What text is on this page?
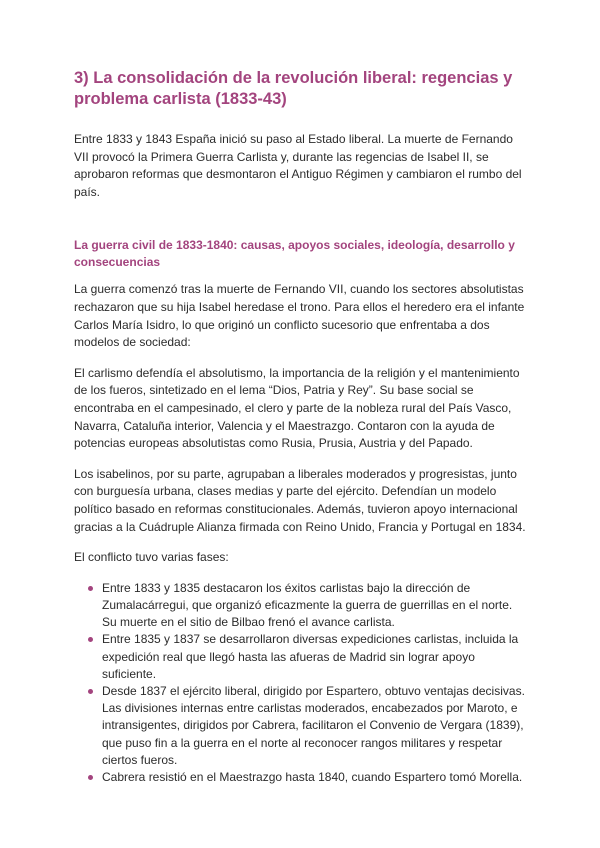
3) La consolidación de la revolución liberal: regencias y problema carlista (1833-43)

Entre 1833 y 1843 España inició su paso al Estado liberal. La muerte de Fernando VII provocó la Primera Guerra Carlista y, durante las regencias de Isabel II, se aprobaron reformas que desmontaron el Antiguo Régimen y cambiaron el rumbo del país.

La guerra civil de 1833-1840: causas, apoyos sociales, ideología, desarrollo y consecuencias

La guerra comenzó tras la muerte de Fernando VII, cuando los sectores absolutistas rechazaron que su hija Isabel heredase el trono. Para ellos el heredero era el infante Carlos María Isidro, lo que originó un conflicto sucesorio que enfrentaba a dos modelos de sociedad:

El carlismo defendía el absolutismo, la importancia de la religión y el mantenimiento de los fueros, sintetizado en el lema “Dios, Patria y Rey”. Su base social se encontraba en el campesinado, el clero y parte de la nobleza rural del País Vasco, Navarra, Cataluña interior, Valencia y el Maestrazgo. Contaron con la ayuda de potencias europeas absolutistas como Rusia, Prusia, Austria y del Papado.

Los isabelinos, por su parte, agrupaban a liberales moderados y progresistas, junto con burguesía urbana, clases medias y parte del ejército. Defendían un modelo político basado en reformas constitucionales. Además, tuvieron apoyo internacional gracias a la Cuádruple Alianza firmada con Reino Unido, Francia y Portugal en 1834.

El conflicto tuvo varias fases:

Entre 1833 y 1835 destacaron los éxitos carlistas bajo la dirección de Zumalacárregui, que organizó eficazmente la guerra de guerrillas en el norte. Su muerte en el sitio de Bilbao frenó el avance carlista.
Entre 1835 y 1837 se desarrollaron diversas expediciones carlistas, incluida la expedición real que llegó hasta las afueras de Madrid sin lograr apoyo suficiente.
Desde 1837 el ejército liberal, dirigido por Espartero, obtuvo ventajas decisivas. Las divisiones internas entre carlistas moderados, encabezados por Maroto, e intransigentes, dirigidos por Cabrera, facilitaron el Convenio de Vergara (1839), que puso fin a la guerra en el norte al reconocer rangos militares y respetar ciertos fueros.
Cabrera resistió en el Maestrazgo hasta 1840, cuando Espartero tomó Morella.
